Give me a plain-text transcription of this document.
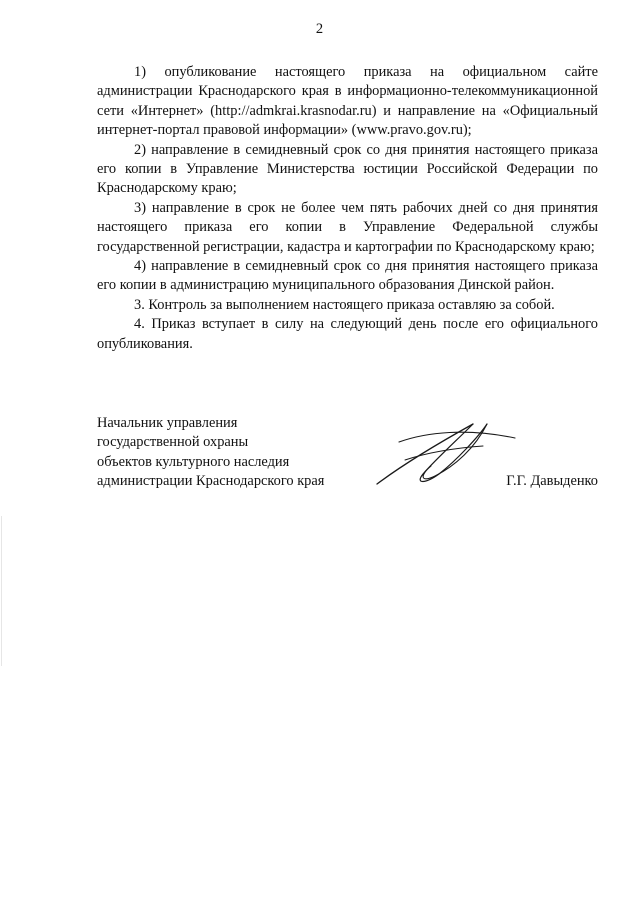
2

1) опубликование настоящего приказа на официальном сайте администрации Краснодарского края в информационно-телекоммуникационной сети «Интернет» (http://admkrai.krasnodar.ru) и направление на «Официальный интернет-портал правовой информации» (www.pravo.gov.ru);

2) направление в семидневный срок со дня принятия настоящего приказа его копии в Управление Министерства юстиции Российской Федерации по Краснодарскому краю;

3) направление в срок не более чем пять рабочих дней со дня принятия настоящего приказа его копии в Управление Федеральной службы государственной регистрации, кадастра и картографии по Краснодарскому краю;

4) направление в семидневный срок со дня принятия настоящего приказа его копии в администрацию муниципального образования Динской район.

3. Контроль за выполнением настоящего приказа оставляю за собой.

4. Приказ вступает в силу на следующий день после его официального опубликования.

Начальник управления
государственной охраны
объектов культурного наследия
администрации Краснодарского края	Г.Г. Давыденко
